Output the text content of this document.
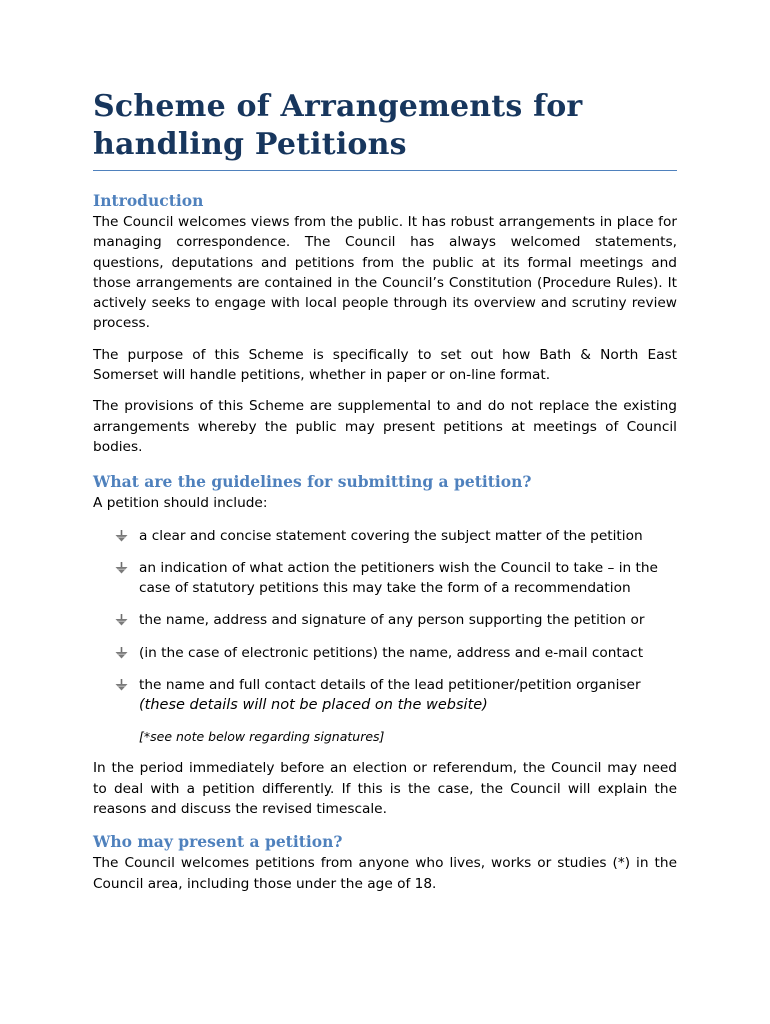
Scheme of Arrangements for handling Petitions
Introduction

The Council welcomes views from the public. It has robust arrangements in place for managing correspondence. The Council has always welcomed statements, questions, deputations and petitions from the public at its formal meetings and those arrangements are contained in the Council’s Constitution (Procedure Rules). It actively seeks to engage with local people through its overview and scrutiny review process.

The purpose of this Scheme is specifically to set out how Bath & North East Somerset will handle petitions, whether in paper or on-line format.

The provisions of this Scheme are supplemental to and do not replace the existing arrangements whereby the public may present petitions at meetings of Council bodies.

What are the guidelines for submitting a petition?

A petition should include:

a clear and concise statement covering the subject matter of the petition
an indication of what action the petitioners wish the Council to take – in the case of statutory petitions this may take the form of a recommendation
the name, address and signature of any person supporting the petition or
(in the case of electronic petitions) the name, address and e-mail contact
the name and full contact details of the lead petitioner/petition organiser
(these details will not be placed on the website)

[*see note below regarding signatures]

In the period immediately before an election or referendum, the Council may need to deal with a petition differently. If this is the case, the Council will explain the reasons and discuss the revised timescale.

Who may present a petition?

The Council welcomes petitions from anyone who lives, works or studies (*) in the Council area, including those under the age of 18.
